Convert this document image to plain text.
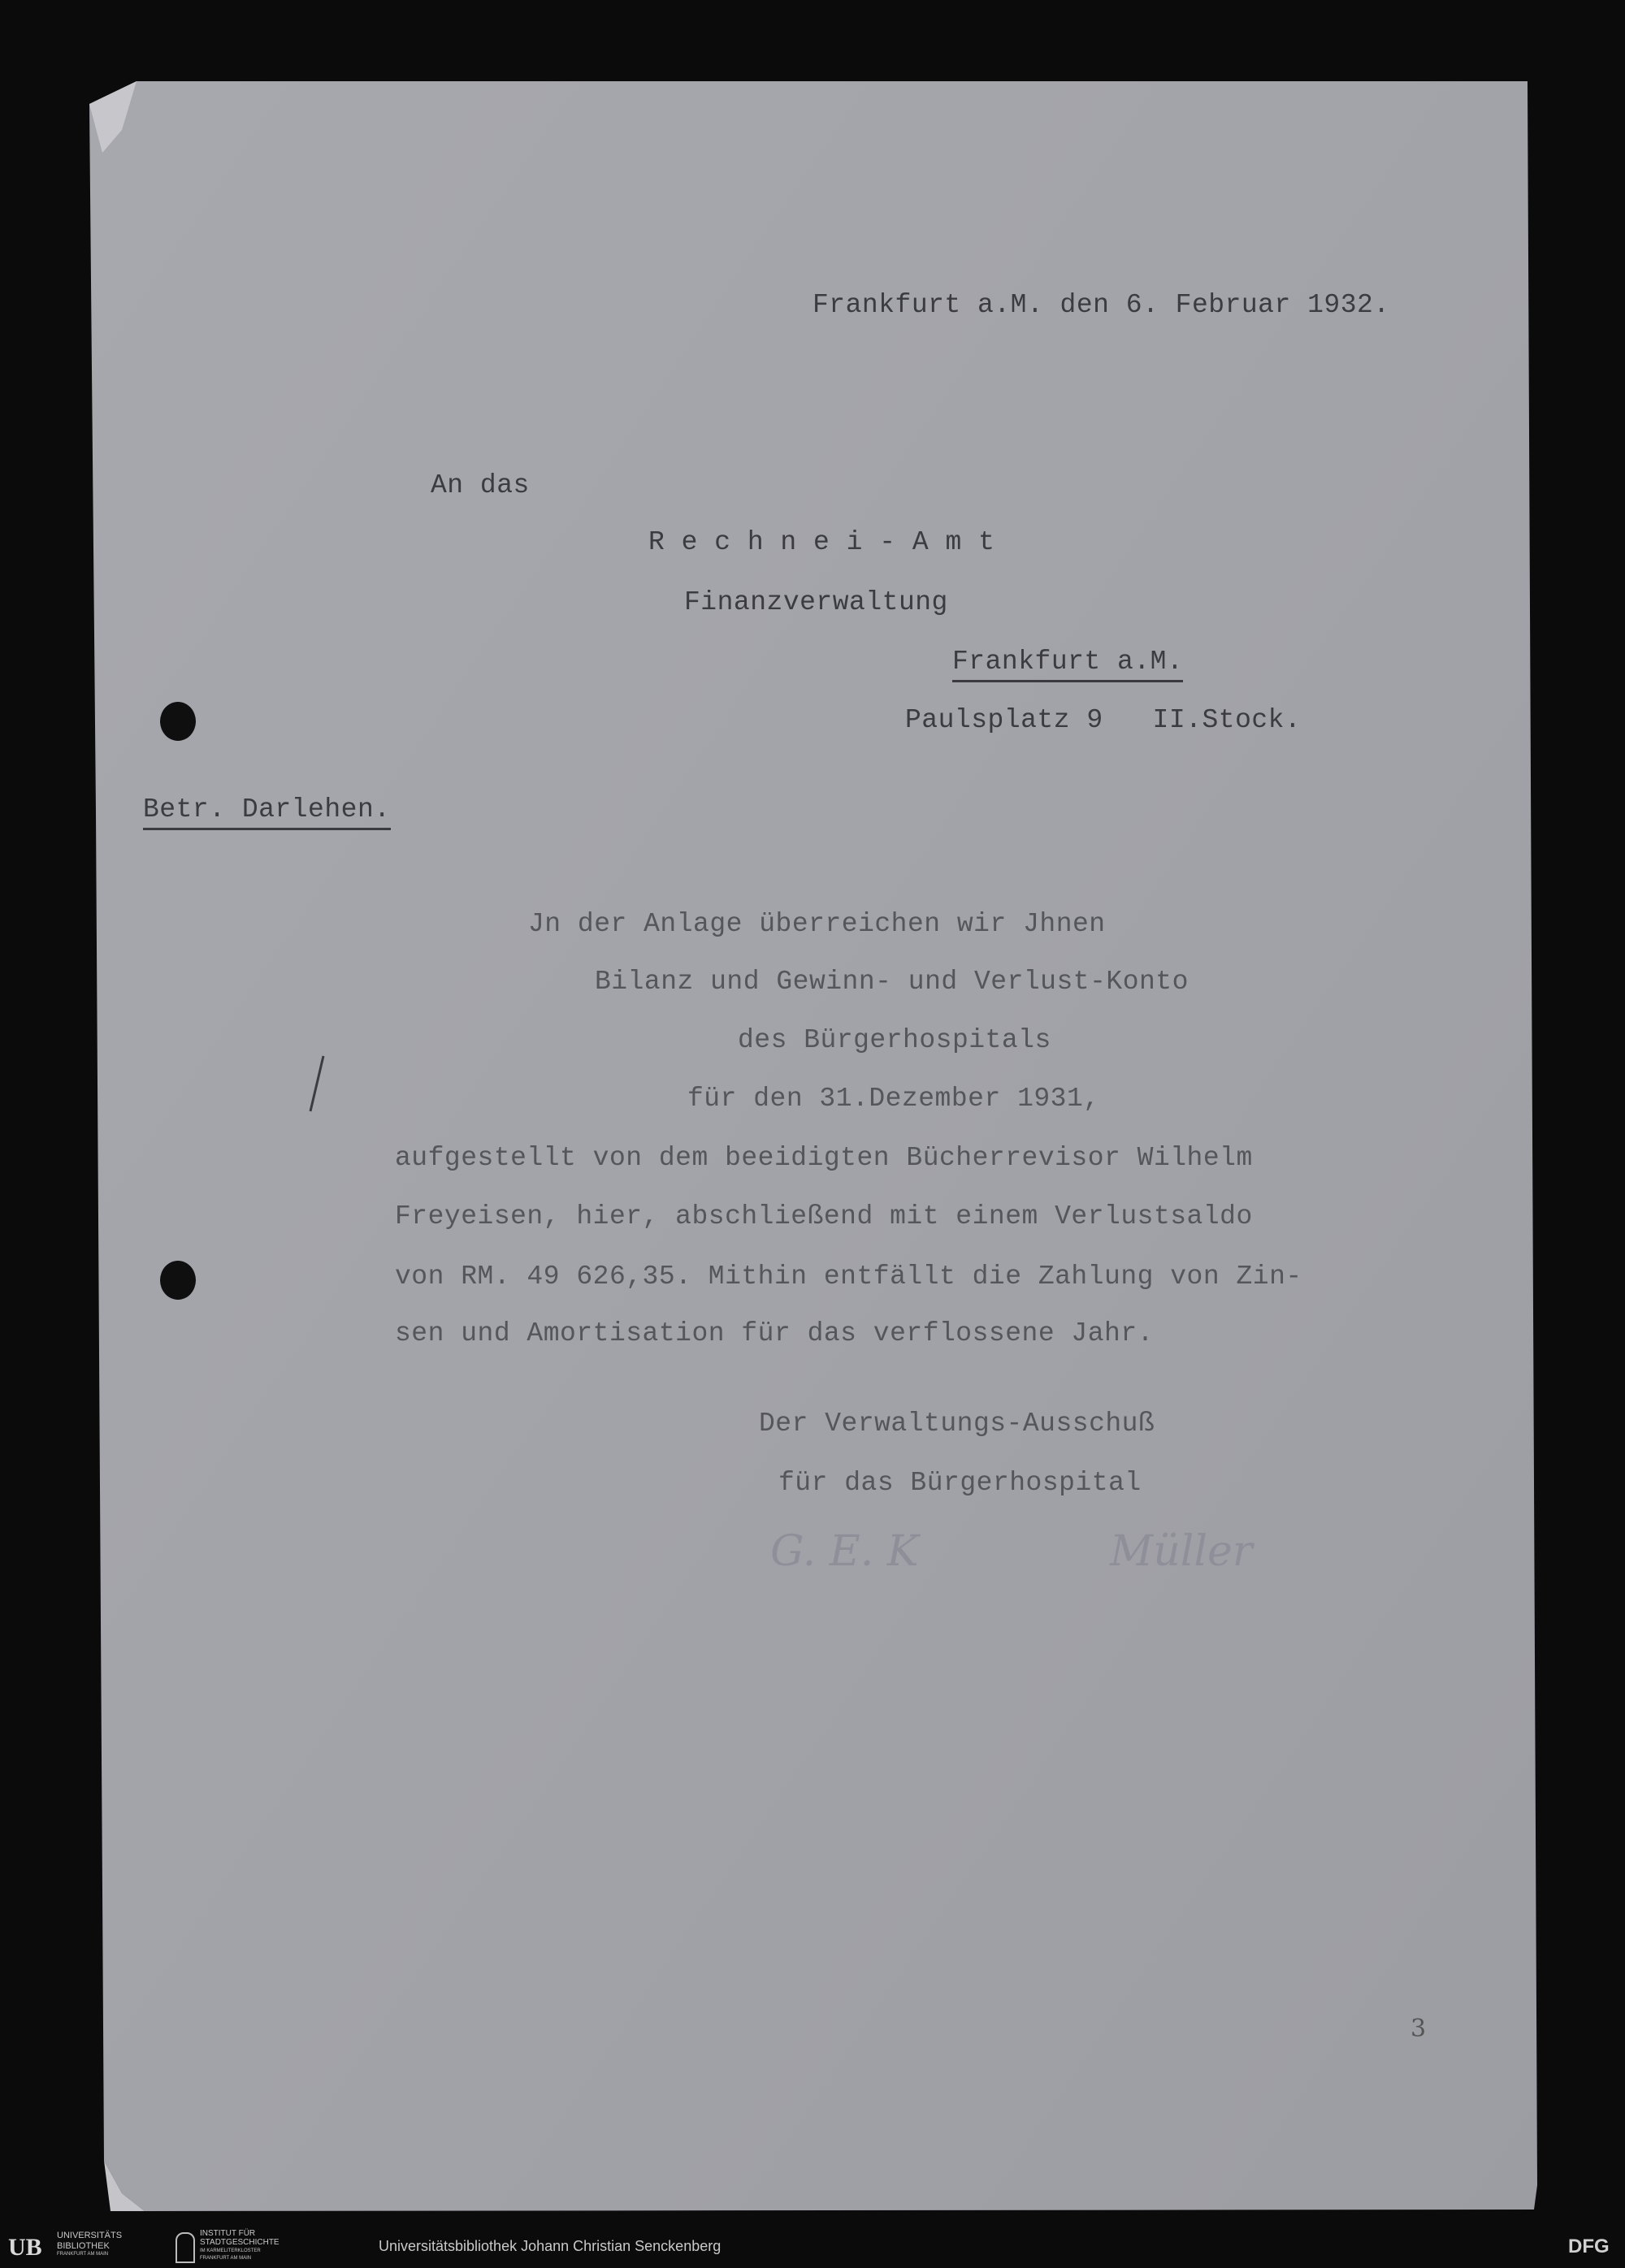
Frankfurt a.M. den 6. Februar 1932.
An das
R e c h n e i - A m t
Finanzverwaltung
Frankfurt a.M.
Paulsplatz 9   II.Stock.
Betr. Darlehen.
Jn der Anlage überreichen wir Jhnen
Bilanz und Gewinn- und Verlust-Konto
des Bürgerhospitals
für den 31.Dezember 1931,
aufgestellt von dem beeidigten Bücherrevisor Wilhelm
Freyeisen, hier, abschließend mit einem Verlustsaldo
von RM. 49 626,35. Mithin entfällt die Zahlung von Zin-
sen und Amortisation für das verflossene Jahr.
Der Verwaltungs-Ausschuß
für das Bürgerhospital
G. E. K	Müller
3
UB UNIVERSITÄTS
BIBLIOTHEK
FRANKFURT AM MAIN
INSTITUT FÜR
STADTGESCHICHTE
IM KARMELITERKLOSTER
FRANKFURT AM MAIN
Universitätsbibliothek Johann Christian Senckenberg	DFG
